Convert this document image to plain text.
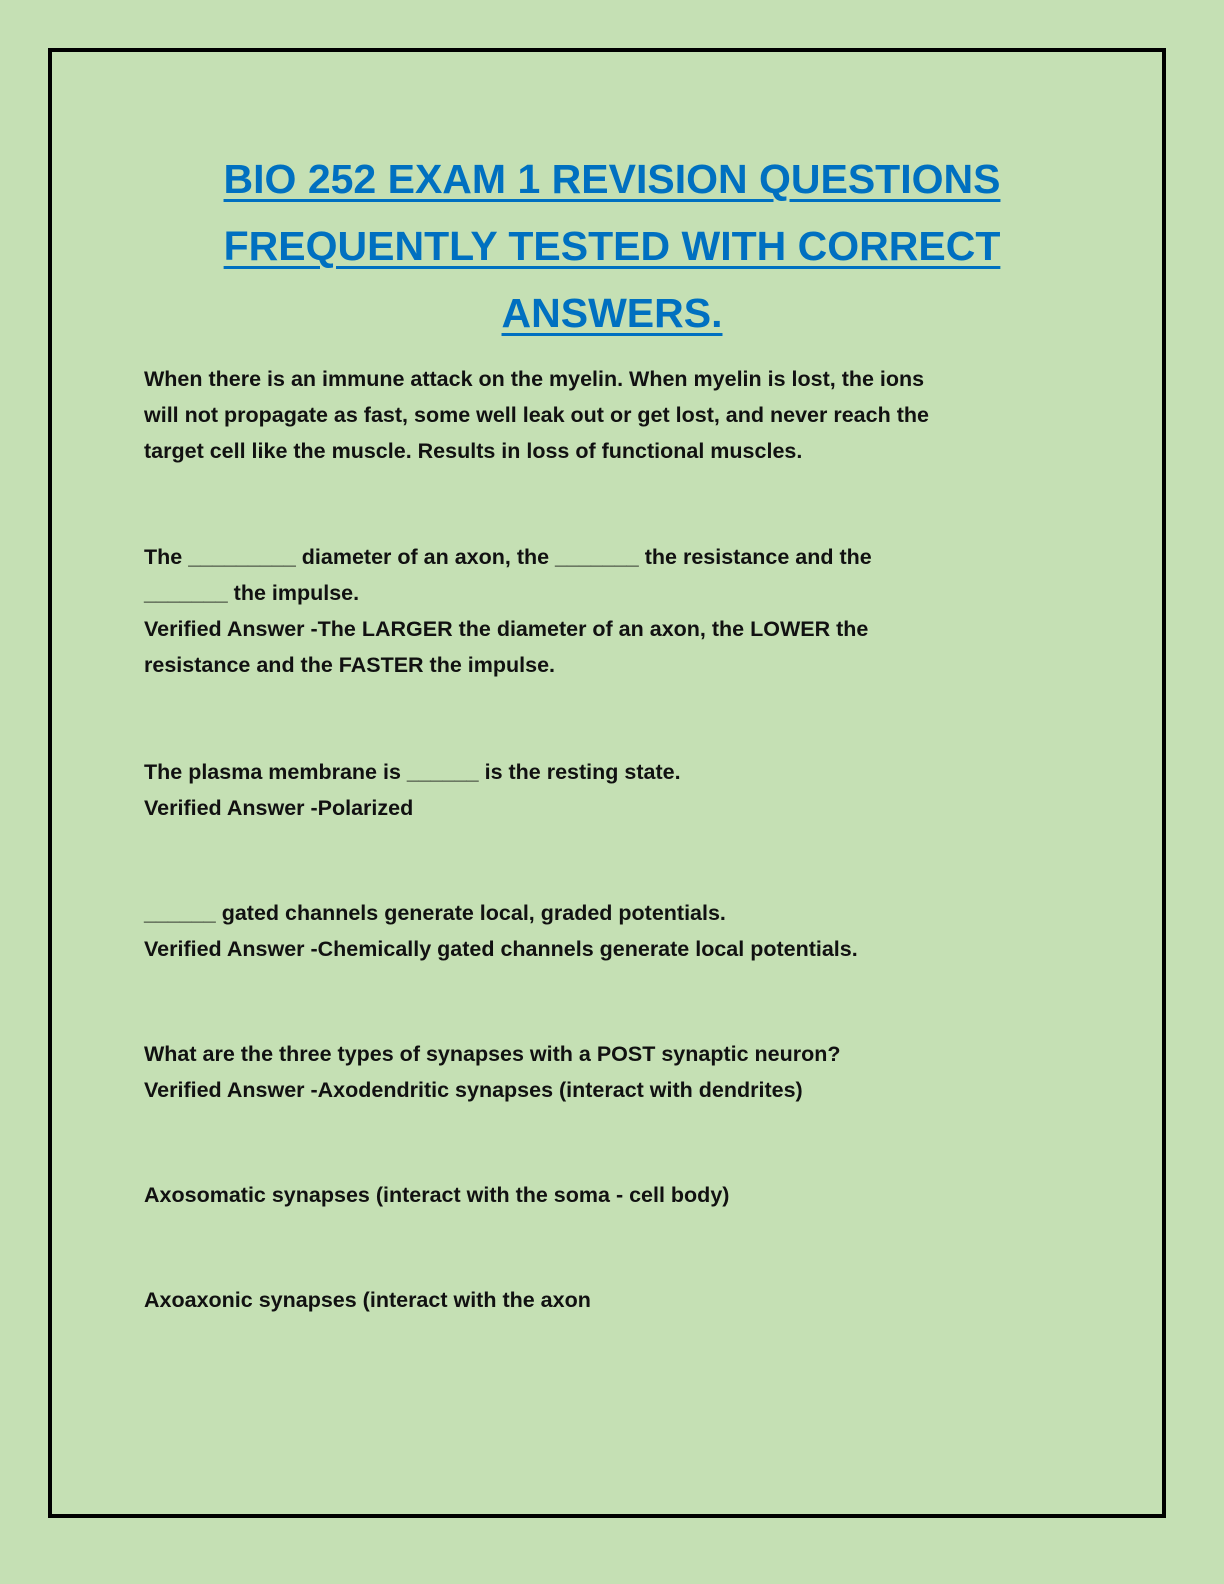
BIO 252 EXAM 1 REVISION QUESTIONS
FREQUENTLY TESTED WITH CORRECT
ANSWERS.

When there is an immune attack on the myelin. When myelin is lost, the ions
will not propagate as fast, some well leak out or get lost, and never reach the
target cell like the muscle. Results in loss of functional muscles.

The _________ diameter of an axon, the _______ the resistance and the
_______ the impulse.
Verified Answer -The LARGER the diameter of an axon, the LOWER the
resistance and the FASTER the impulse.

The plasma membrane is ______ is the resting state.
Verified Answer -Polarized

______ gated channels generate local, graded potentials.
Verified Answer -Chemically gated channels generate local potentials.

What are the three types of synapses with a POST synaptic neuron?
Verified Answer -Axodendritic synapses (interact with dendrites)

Axosomatic synapses (interact with the soma - cell body)

Axoaxonic synapses (interact with the axon
